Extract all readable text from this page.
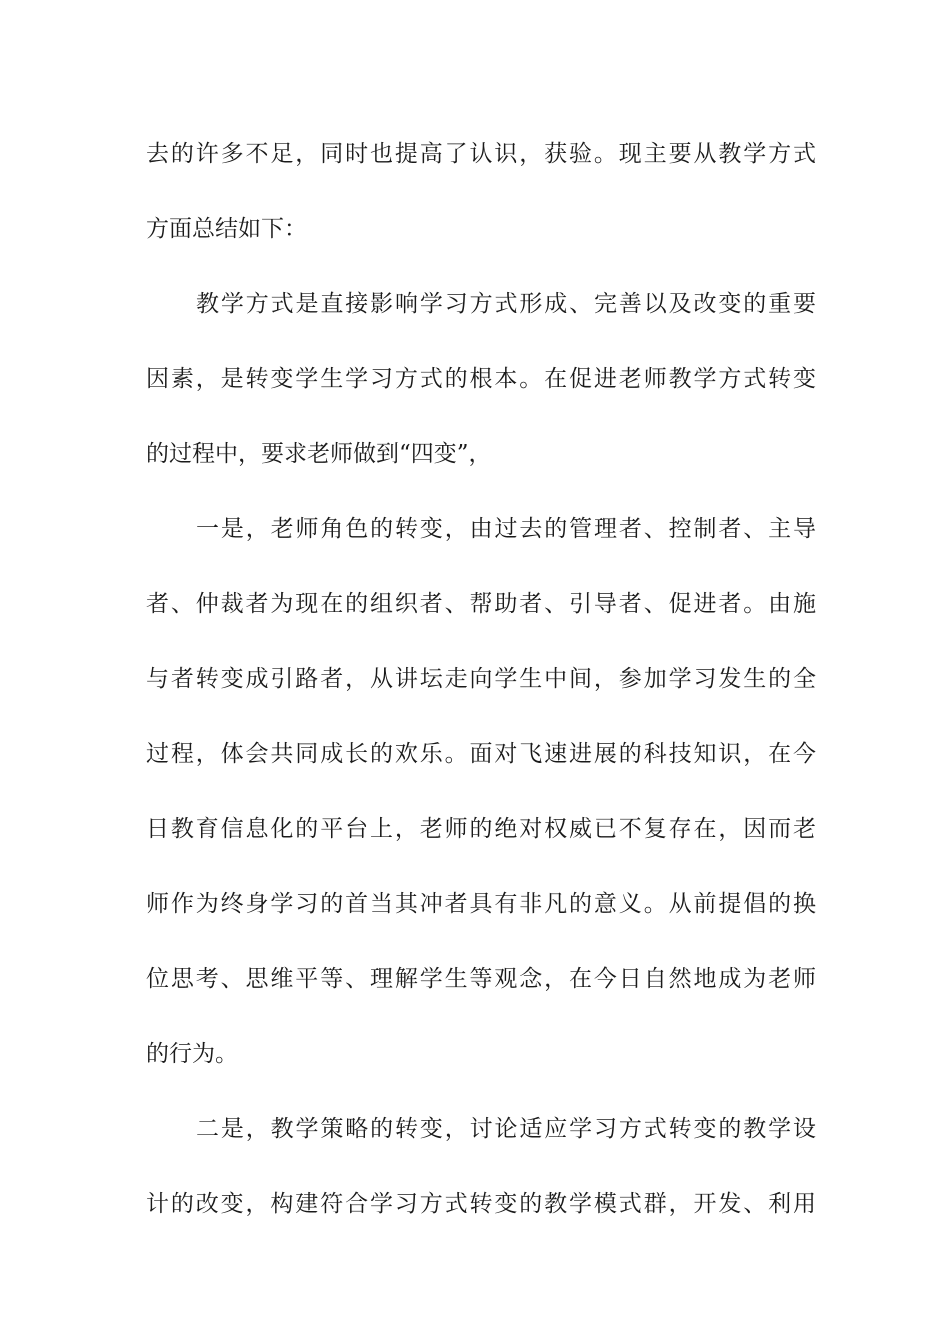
去的许多不足，同时也提高了认识，获验。现主要从教学方式
方面总结如下：
教学方式是直接影响学习方式形成、完善以及改变的重要
因素，是转变学生学习方式的根本。在促进老师教学方式转变
的过程中，要求老师做到“四变”，
一是，老师角色的转变，由过去的管理者、控制者、主导
者、仲裁者为现在的组织者、帮助者、引导者、促进者。由施
与者转变成引路者，从讲坛走向学生中间，参加学习发生的全
过程，体会共同成长的欢乐。面对飞速进展的科技知识，在今
日教育信息化的平台上，老师的绝对权威已不复存在，因而老
师作为终身学习的首当其冲者具有非凡的意义。从前提倡的换
位思考、思维平等、理解学生等观念，在今日自然地成为老师
的行为。
二是，教学策略的转变，讨论适应学习方式转变的教学设
计的改变，构建符合学习方式转变的教学模式群，开发、利用
